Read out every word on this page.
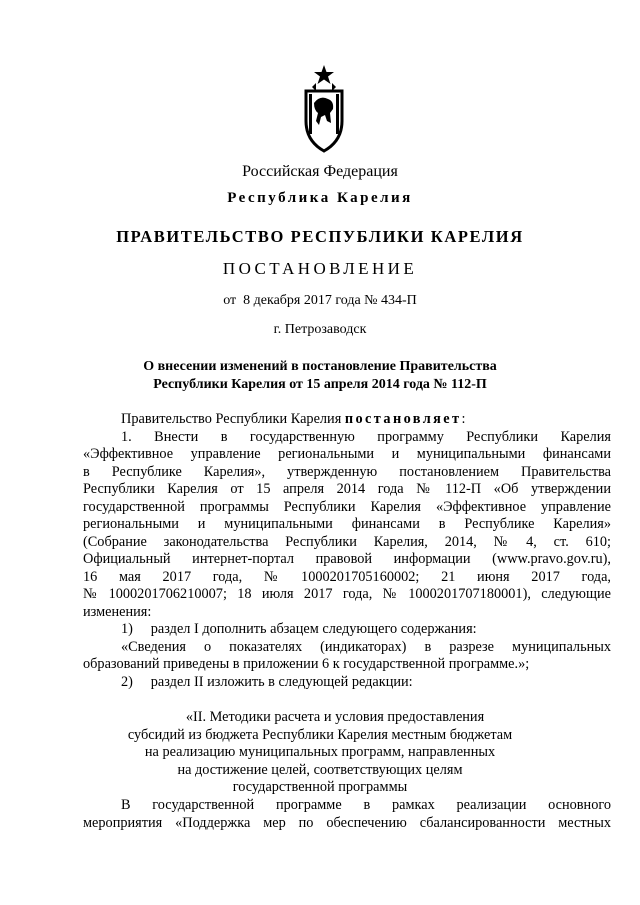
Российская Федерация
Республика Карелия
ПРАВИТЕЛЬСТВО РЕСПУБЛИКИ КАРЕЛИЯ
ПОСТАНОВЛЕНИЕ
от  8 декабря 2017 года № 434-П
г. Петрозаводск
О внесении изменений в постановление Правительства
Республики Карелия от 15 апреля 2014 года № 112-П
Правительство Республики Карелия постановляет:
1.   Внести   в   государственную   программу   Республики   Карелия
«Эффективное  управление  региональными  и  муниципальными  финансами
в   Республике   Карелия»,   утвержденную   постановлением   Правительства
Республики  Карелия  от  15  апреля  2014  года  №  112-П  «Об  утверждении
государственной программы Республики Карелия «Эффективное управление
региональными  и  муниципальными  финансами  в  Республике  Карелия»
(Собрание   законодательства   Республики   Карелия,   2014,   №   4,   ст.   610;
Официальный   интернет-портал   правовой   информации   (www.pravo.gov.ru),
16    мая    2017    года,    №    1000201705160002;    21    июня    2017    года,
№  1000201706210007;  18  июля  2017  года,  №  1000201707180001),  следующие
изменения:
1)     раздел I дополнить абзацем следующего содержания:
«Сведения  о  показателях  (индикаторах)  в  разрезе  муниципальных
образований приведены в приложении 6 к государственной программе.»;
2)     раздел II изложить в следующей редакции:
«II. Методики расчета и условия предоставления
субсидий из бюджета Республики Карелия местным бюджетам
на реализацию муниципальных программ, направленных
на достижение целей, соответствующих целям
государственной программы
В    государственной    программе    в    рамках    реализации    основного
мероприятия  «Поддержка  мер  по  обеспечению  сбалансированности  местных
